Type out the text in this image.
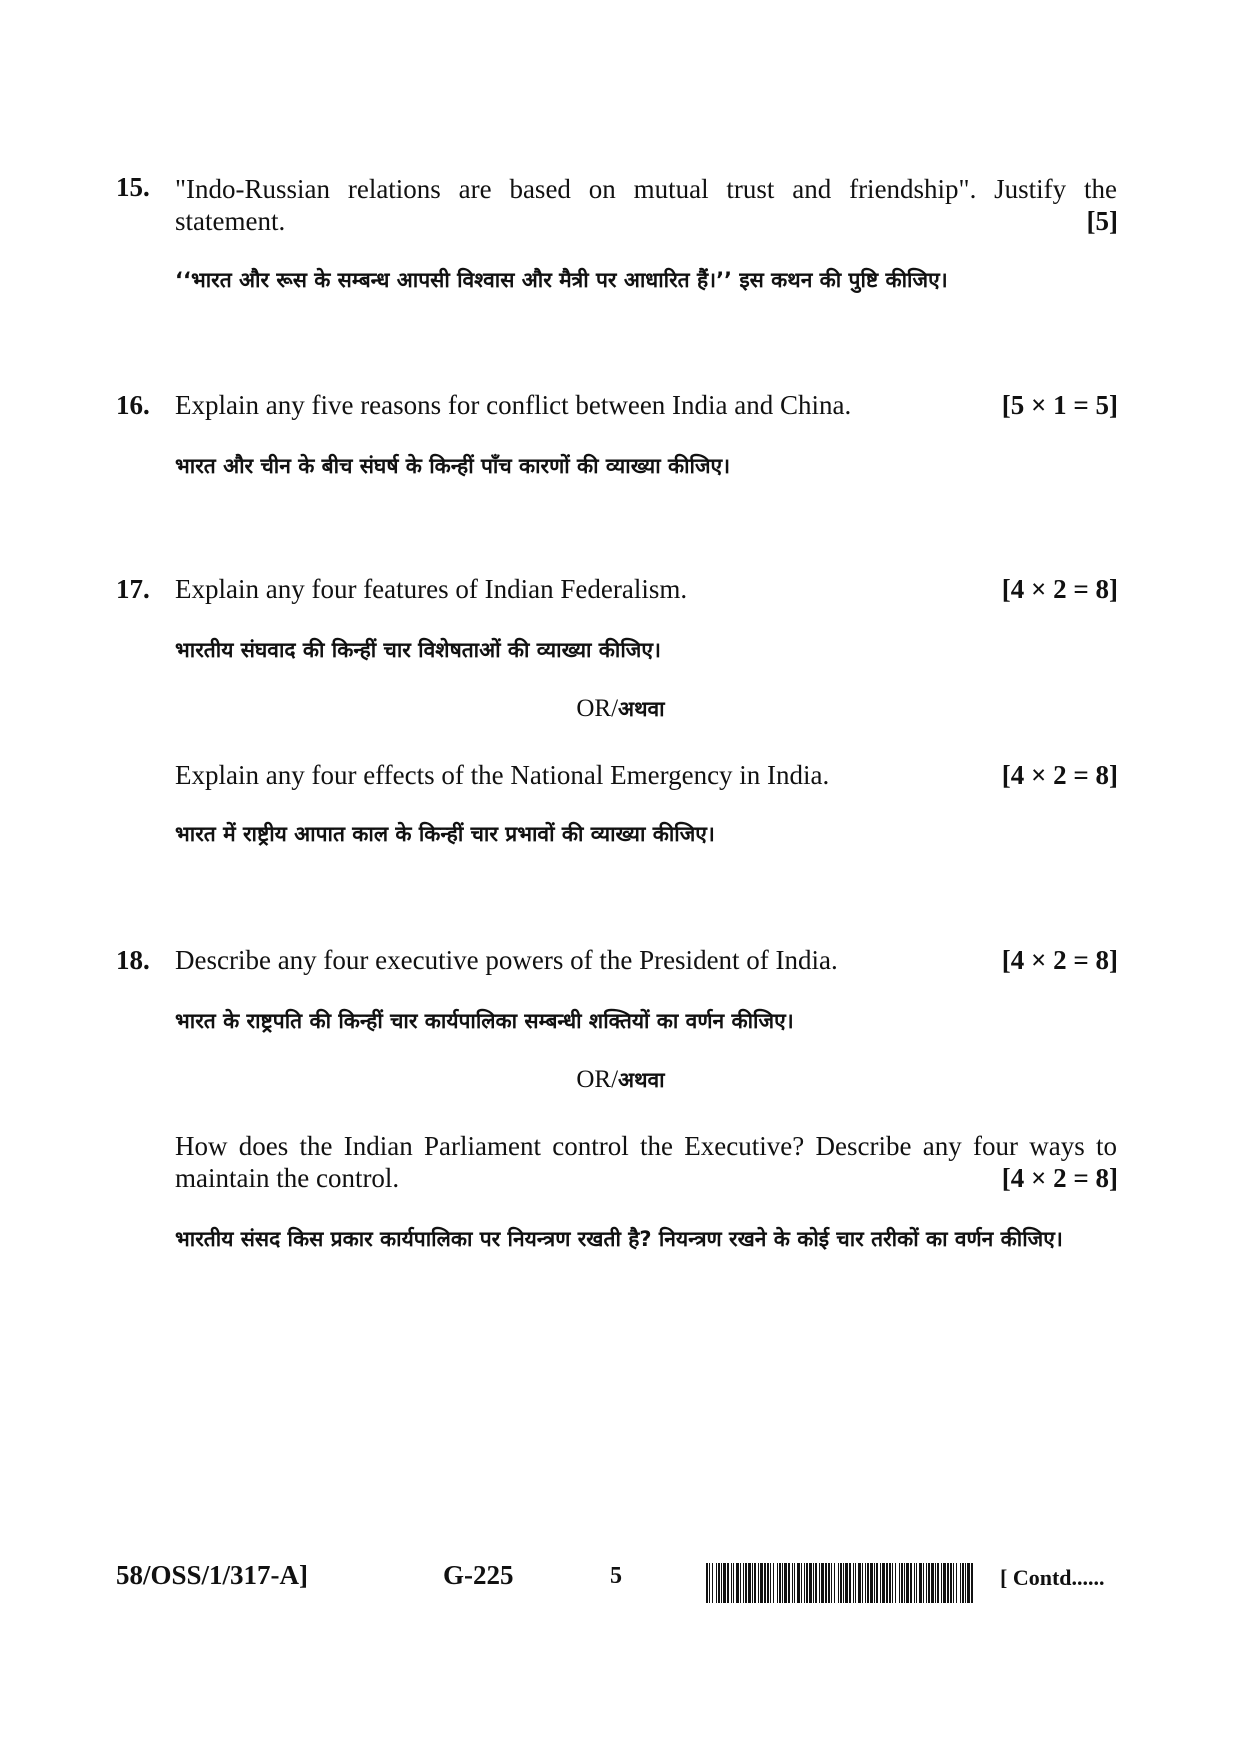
15. "Indo-Russian relations are based on mutual trust and friendship". Justify the
statement.	[5]
‘‘भारत और रूस के सम्बन्ध आपसी विश्वास और मैत्री पर आधारित हैं।’’ इस कथन की पुष्टि कीजिए।
16. Explain any five reasons for conflict between India and China.	[5 × 1 = 5]
भारत और चीन के बीच संघर्ष के किन्हीं पाँच कारणों की व्याख्या कीजिए।
17. Explain any four features of Indian Federalism.	[4 × 2 = 8]
भारतीय संघवाद की किन्हीं चार विशेषताओं की व्याख्या कीजिए।
Explain any four effects of the National Emergency in India.	[4 × 2 = 8]
भारत में राष्ट्रीय आपात काल के किन्हीं चार प्रभावों की व्याख्या कीजिए।
OR/अथवा
18. Describe any four executive powers of the President of India.	[4 × 2 = 8]
भारत के राष्ट्रपति की किन्हीं चार कार्यपालिका सम्बन्धी शक्तियों का वर्णन कीजिए।
How does the Indian Parliament control the Executive? Describe any four ways to
maintain the control.	[4 × 2 = 8]
भारतीय संसद किस प्रकार कार्यपालिका पर नियन्त्रण रखती है? नियन्त्रण रखने के कोई चार तरीकों का वर्णन कीजिए।
OR/अथवा
58/OSS/1/317-A]	G-225	5	[ Contd......
